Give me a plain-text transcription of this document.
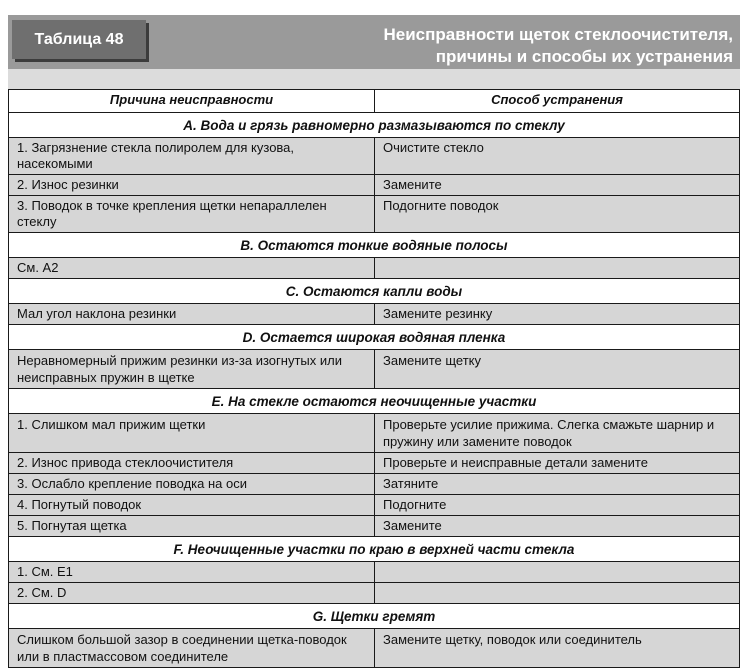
Таблица 48	Неисправности щеток стеклоочистителя,
причины и способы их устранения
Причина неисправности	Способ устранения
A. Вода и грязь равномерно размазываются по стеклу	
1. Загрязнение стекла полиролем для кузова, насекомыми	Очистите стекло
2. Износ резинки	Замените
3. Поводок в точке крепления щетки непараллелен стеклу	Подогните поводок
B. Остаются тонкие водяные полосы	
См. А2	
C. Остаются капли воды	
Мал угол наклона резинки	Замените резинку
D. Остается широкая водяная пленка	
Неравномерный прижим резинки из-за изогнутых или неисправных пружин в щетке	Замените щетку
E. На стекле остаются неочищенные участки	
1. Слишком мал прижим щетки	Проверьте усилие прижима. Слегка смажьте шарнир и пружину или замените поводок
2. Износ привода стеклоочистителя	Проверьте и неисправные детали замените
3. Ослабло крепление поводка на оси	Затяните
4. Погнутый поводок	Подогните
5. Погнутая щетка	Замените
F. Неочищенные участки по краю в верхней части стекла	
1. См. E1	
2. См. D	
G. Щетки гремят	
Слишком большой зазор в соединении щетка-поводок или в пластмассовом соединителе	Замените щетку, поводок или соединитель
